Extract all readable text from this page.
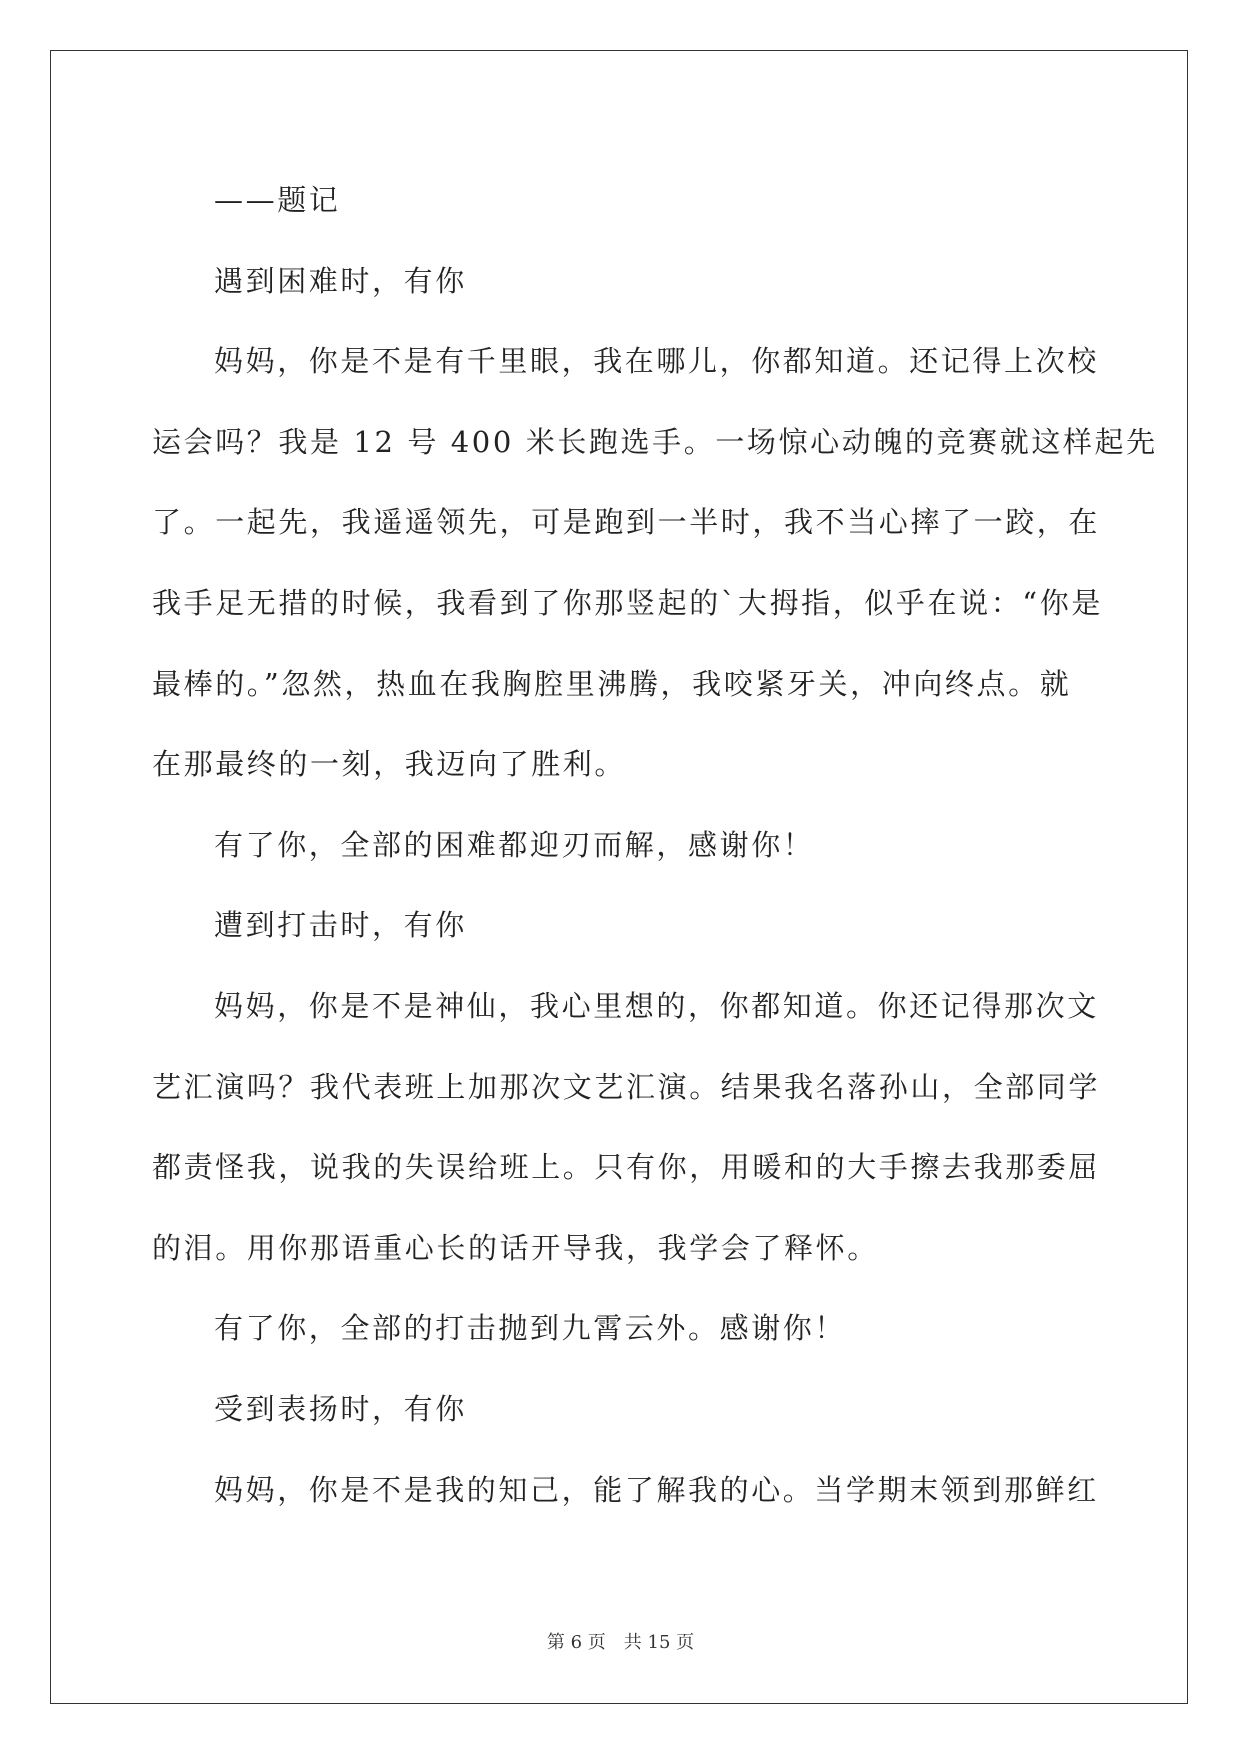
——题记
遇到困难时，有你
妈妈，你是不是有千里眼，我在哪儿，你都知道。还记得上次校
运会吗？我是 12 号 400 米长跑选手。一场惊心动魄的竞赛就这样起先
了。一起先，我遥遥领先，可是跑到一半时，我不当心摔了一跤，在
我手足无措的时候，我看到了你那竖起的`大拇指，似乎在说：“你是
最棒的。”忽然，热血在我胸腔里沸腾，我咬紧牙关，冲向终点。就
在那最终的一刻，我迈向了胜利。
有了你，全部的困难都迎刃而解，感谢你！
遭到打击时，有你
妈妈，你是不是神仙，我心里想的，你都知道。你还记得那次文
艺汇演吗？我代表班上加那次文艺汇演。结果我名落孙山，全部同学
都责怪我，说我的失误给班上。只有你，用暖和的大手擦去我那委屈
的泪。用你那语重心长的话开导我，我学会了释怀。
有了你，全部的打击抛到九霄云外。感谢你！
受到表扬时，有你
妈妈，你是不是我的知己，能了解我的心。当学期末领到那鲜红
第 6 页 共 15 页
